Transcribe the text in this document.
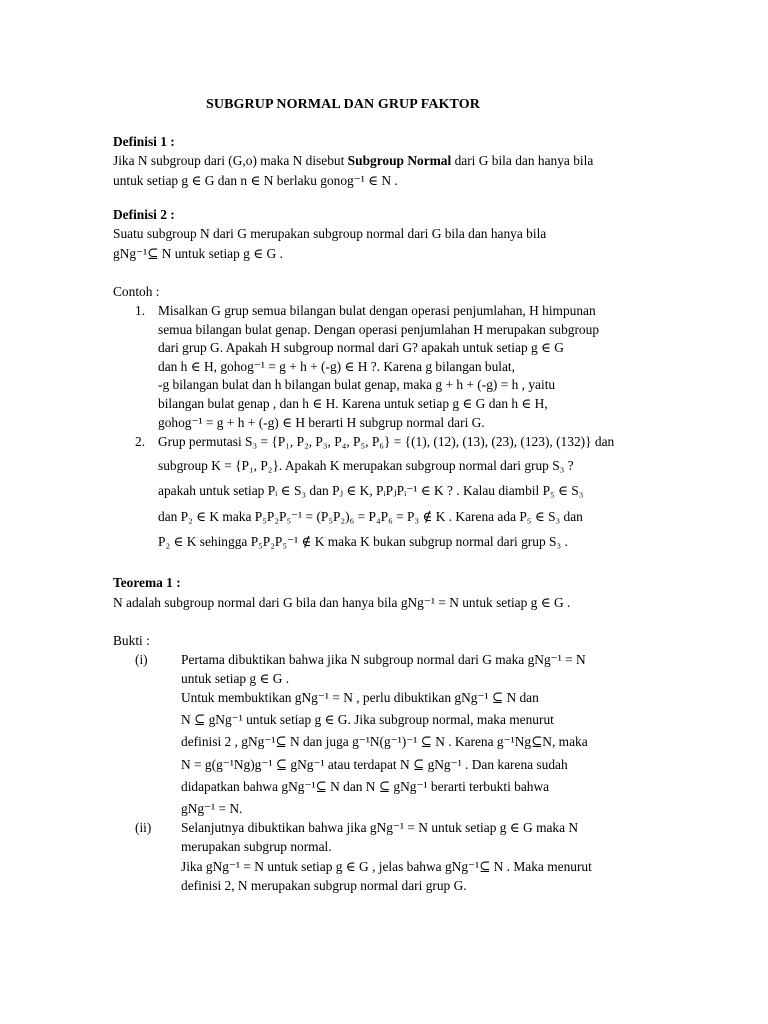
SUBGRUP NORMAL DAN GRUP FAKTOR
Definisi 1 :
Jika N subgroup dari (G,o) maka N disebut Subgroup Normal dari G bila dan hanya bila
untuk setiap g ∈ G dan n ∈ N berlaku gonog⁻¹ ∈ N .
Definisi 2 :
Suatu subgroup N dari G merupakan subgroup normal dari G bila dan hanya bila
gNg⁻¹⊆ N untuk setiap g ∈ G .
Contoh :
1. Misalkan G grup semua bilangan bulat dengan operasi penjumlahan, H himpunan
semua bilangan bulat genap. Dengan operasi penjumlahan H merupakan subgroup
dari grup G. Apakah H subgroup normal dari G? apakah untuk setiap g ∈ G
dan h ∈ H, gohog⁻¹ = g + h + (-g) ∈ H ?. Karena g bilangan bulat,
-g bilangan bulat dan h bilangan bulat genap, maka g + h + (-g) = h , yaitu
bilangan bulat genap , dan h ∈ H. Karena untuk setiap g ∈ G dan h ∈ H,
gohog⁻¹ = g + h + (-g) ∈ H berarti H subgrup normal dari G.
2. Grup permutasi S₃ = {P₁, P₂, P₃, P₄, P₅, P₆} = {(1), (12), (13), (23), (123), (132)} dan
subgroup K = {P₁, P₂}. Apakah K merupakan subgroup normal dari grup S₃ ?
apakah untuk setiap Pᵢ ∈ S₃ dan Pⱼ ∈ K, PᵢPⱼPᵢ⁻¹ ∈ K ? . Kalau diambil P₅ ∈ S₃
dan P₂ ∈ K maka P₅P₂P₅⁻¹ = (P₅P₂)₆ = P₄P₆ = P₃ ∉ K . Karena ada P₅ ∈ S₃ dan
P₂ ∈ K sehingga P₅P₂P₅⁻¹ ∉ K maka K bukan subgrup normal dari grup S₃ .
Teorema 1 :
N adalah subgroup normal dari G bila dan hanya bila gNg⁻¹ = N untuk setiap g ∈ G .
Bukti :
(i) Pertama dibuktikan bahwa jika N subgroup normal dari G maka gNg⁻¹ = N
untuk setiap g ∈ G .
Untuk membuktikan gNg⁻¹ = N , perlu dibuktikan gNg⁻¹ ⊆ N dan
N ⊆ gNg⁻¹ untuk setiap g ∈ G. Jika subgroup normal, maka menurut
definisi 2 , gNg⁻¹⊆ N dan juga g⁻¹N(g⁻¹)⁻¹ ⊆ N . Karena g⁻¹Ng⊆N, maka
N = g(g⁻¹Ng)g⁻¹ ⊆ gNg⁻¹ atau terdapat N ⊆ gNg⁻¹ . Dan karena sudah
didapatkan bahwa gNg⁻¹⊆ N dan N ⊆ gNg⁻¹ berarti terbukti bahwa
gNg⁻¹ = N.
(ii) Selanjutnya dibuktikan bahwa jika gNg⁻¹ = N untuk setiap g ∈ G maka N
merupakan subgrup normal.
Jika gNg⁻¹ = N untuk setiap g ∈ G , jelas bahwa gNg⁻¹⊆ N . Maka menurut
definisi 2, N merupakan subgrup normal dari grup G.
